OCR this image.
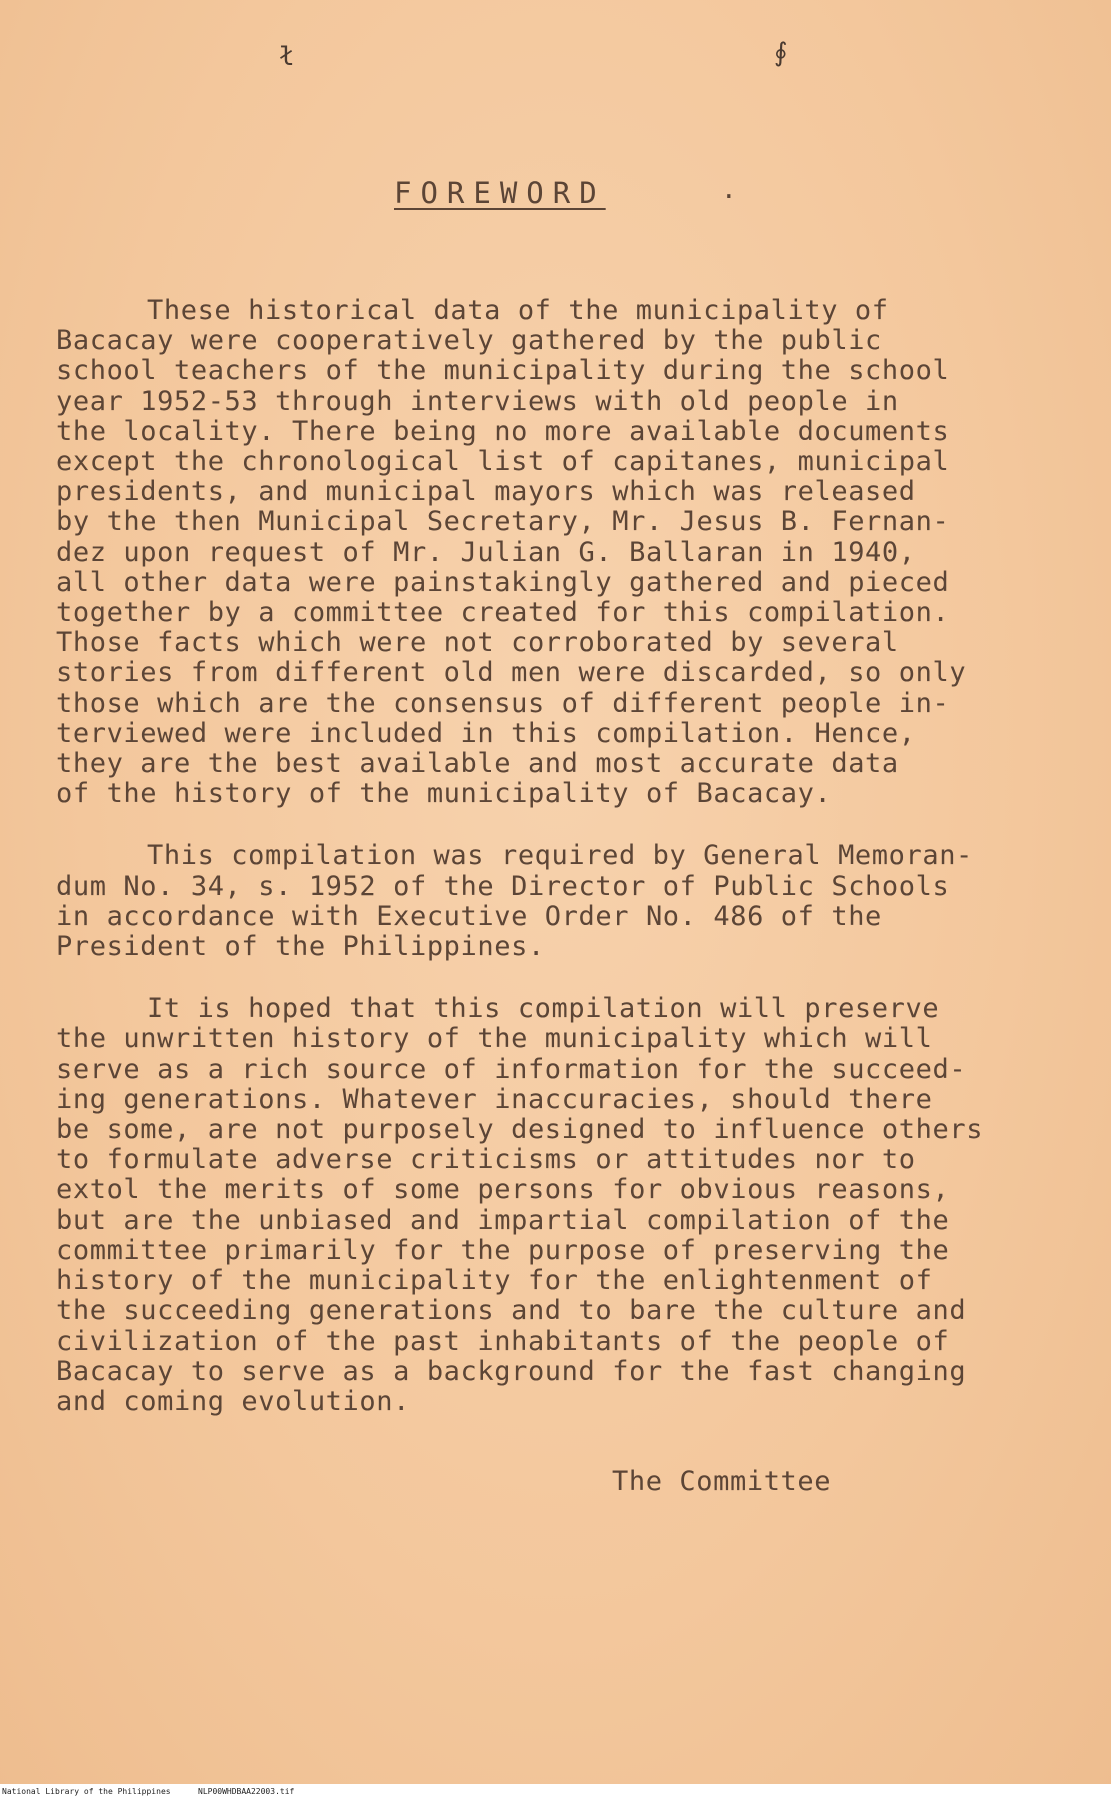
ł	∮
FOREWORD	.

These historical data of the municipality of
Bacacay were cooperatively gathered by the public
school teachers of the municipality during the school
year 1952-53 through interviews with old people in
the locality. There being no more available documents
except the chronological list of capitanes, municipal
presidents, and municipal mayors which was released
by the then Municipal Secretary, Mr. Jesus B. Fernan-
dez upon request of Mr. Julian G. Ballaran in 1940,
all other data were painstakingly gathered and pieced
together by a committee created for this compilation.
Those facts which were not corroborated by several
stories from different old men were discarded, so only
those which are the consensus of different people in-
terviewed were included in this compilation. Hence,
they are the best available and most accurate data
of the history of the municipality of Bacacay.

This compilation was required by General Memoran-
dum No. 34, s. 1952 of the Director of Public Schools
in accordance with Executive Order No. 486 of the
President of the Philippines.

It is hoped that this compilation will preserve
the unwritten history of the municipality which will
serve as a rich source of information for the succeed-
ing generations. Whatever inaccuracies, should there
be some, are not purposely designed to influence others
to formulate adverse criticisms or attitudes nor to
extol the merits of some persons for obvious reasons,
but are the unbiased and impartial compilation of the
committee primarily for the purpose of preserving the
history of the municipality for the enlightenment of
the succeeding generations and to bare the culture and
civilization of the past inhabitants of the people of
Bacacay to serve as a background for the fast changing
and coming evolution.

The Committee
National Library of the Philippines	NLP00WHDBAA22003.tif
